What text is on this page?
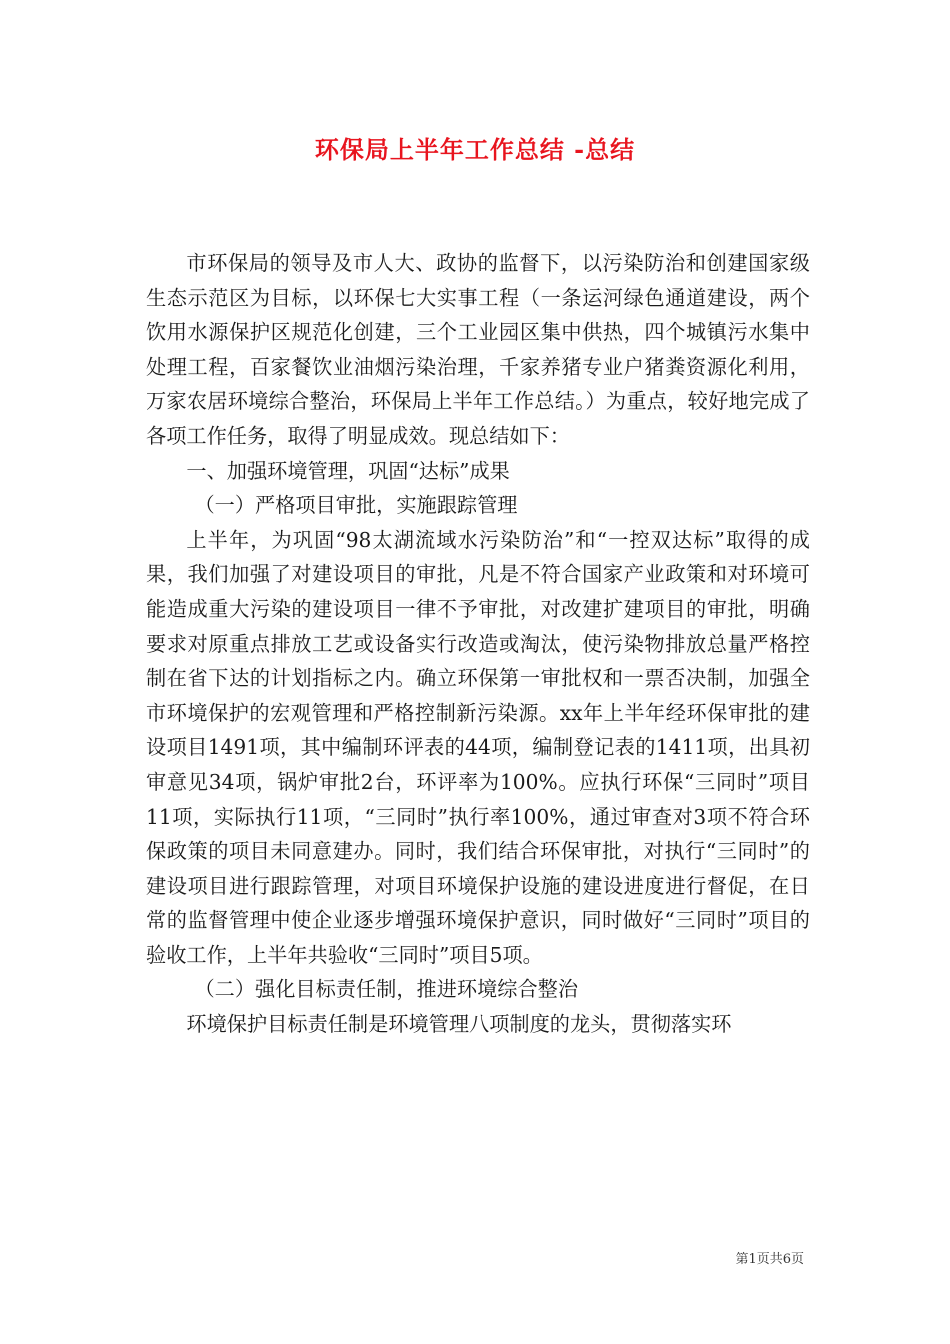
环保局上半年工作总结 -总结

市环保局的领导及市人大、政协的监督下，以污染防治和创建国家级生态示范区为目标，以环保七大实事工程（一条运河绿色通道建设，两个饮用水源保护区规范化创建，三个工业园区集中供热，四个城镇污水集中处理工程，百家餐饮业油烟污染治理，千家养猪专业户猪粪资源化利用，万家农居环境综合整治，环保局上半年工作总结。）为重点，较好地完成了各项工作任务，取得了明显成效。现总结如下：

一、加强环境管理，巩固“达标”成果

（一）严格项目审批，实施跟踪管理

上半年，为巩固“98太湖流域水污染防治”和“一控双达标”取得的成果，我们加强了对建设项目的审批，凡是不符合国家产业政策和对环境可能造成重大污染的建设项目一律不予审批，对改建扩建项目的审批，明确要求对原重点排放工艺或设备实行改造或淘汰，使污染物排放总量严格控制在省下达的计划指标之内。确立环保第一审批权和一票否决制，加强全市环境保护的宏观管理和严格控制新污染源。xx年上半年经环保审批的建设项目1491项，其中编制环评表的44项，编制登记表的1411项，出具初审意见34项，锅炉审批2台，环评率为100%。应执行环保“三同时”项目11项，实际执行11项，“三同时”执行率100%，通过审查对3项不符合环保政策的项目未同意建办。同时，我们结合环保审批，对执行“三同时”的建设项目进行跟踪管理，对项目环境保护设施的建设进度进行督促，在日常的监督管理中使企业逐步增强环境保护意识，同时做好“三同时”项目的验收工作，上半年共验收“三同时”项目5项。

（二）强化目标责任制，推进环境综合整治

环境保护目标责任制是环境管理八项制度的龙头，贯彻落实环

第1页共6页
